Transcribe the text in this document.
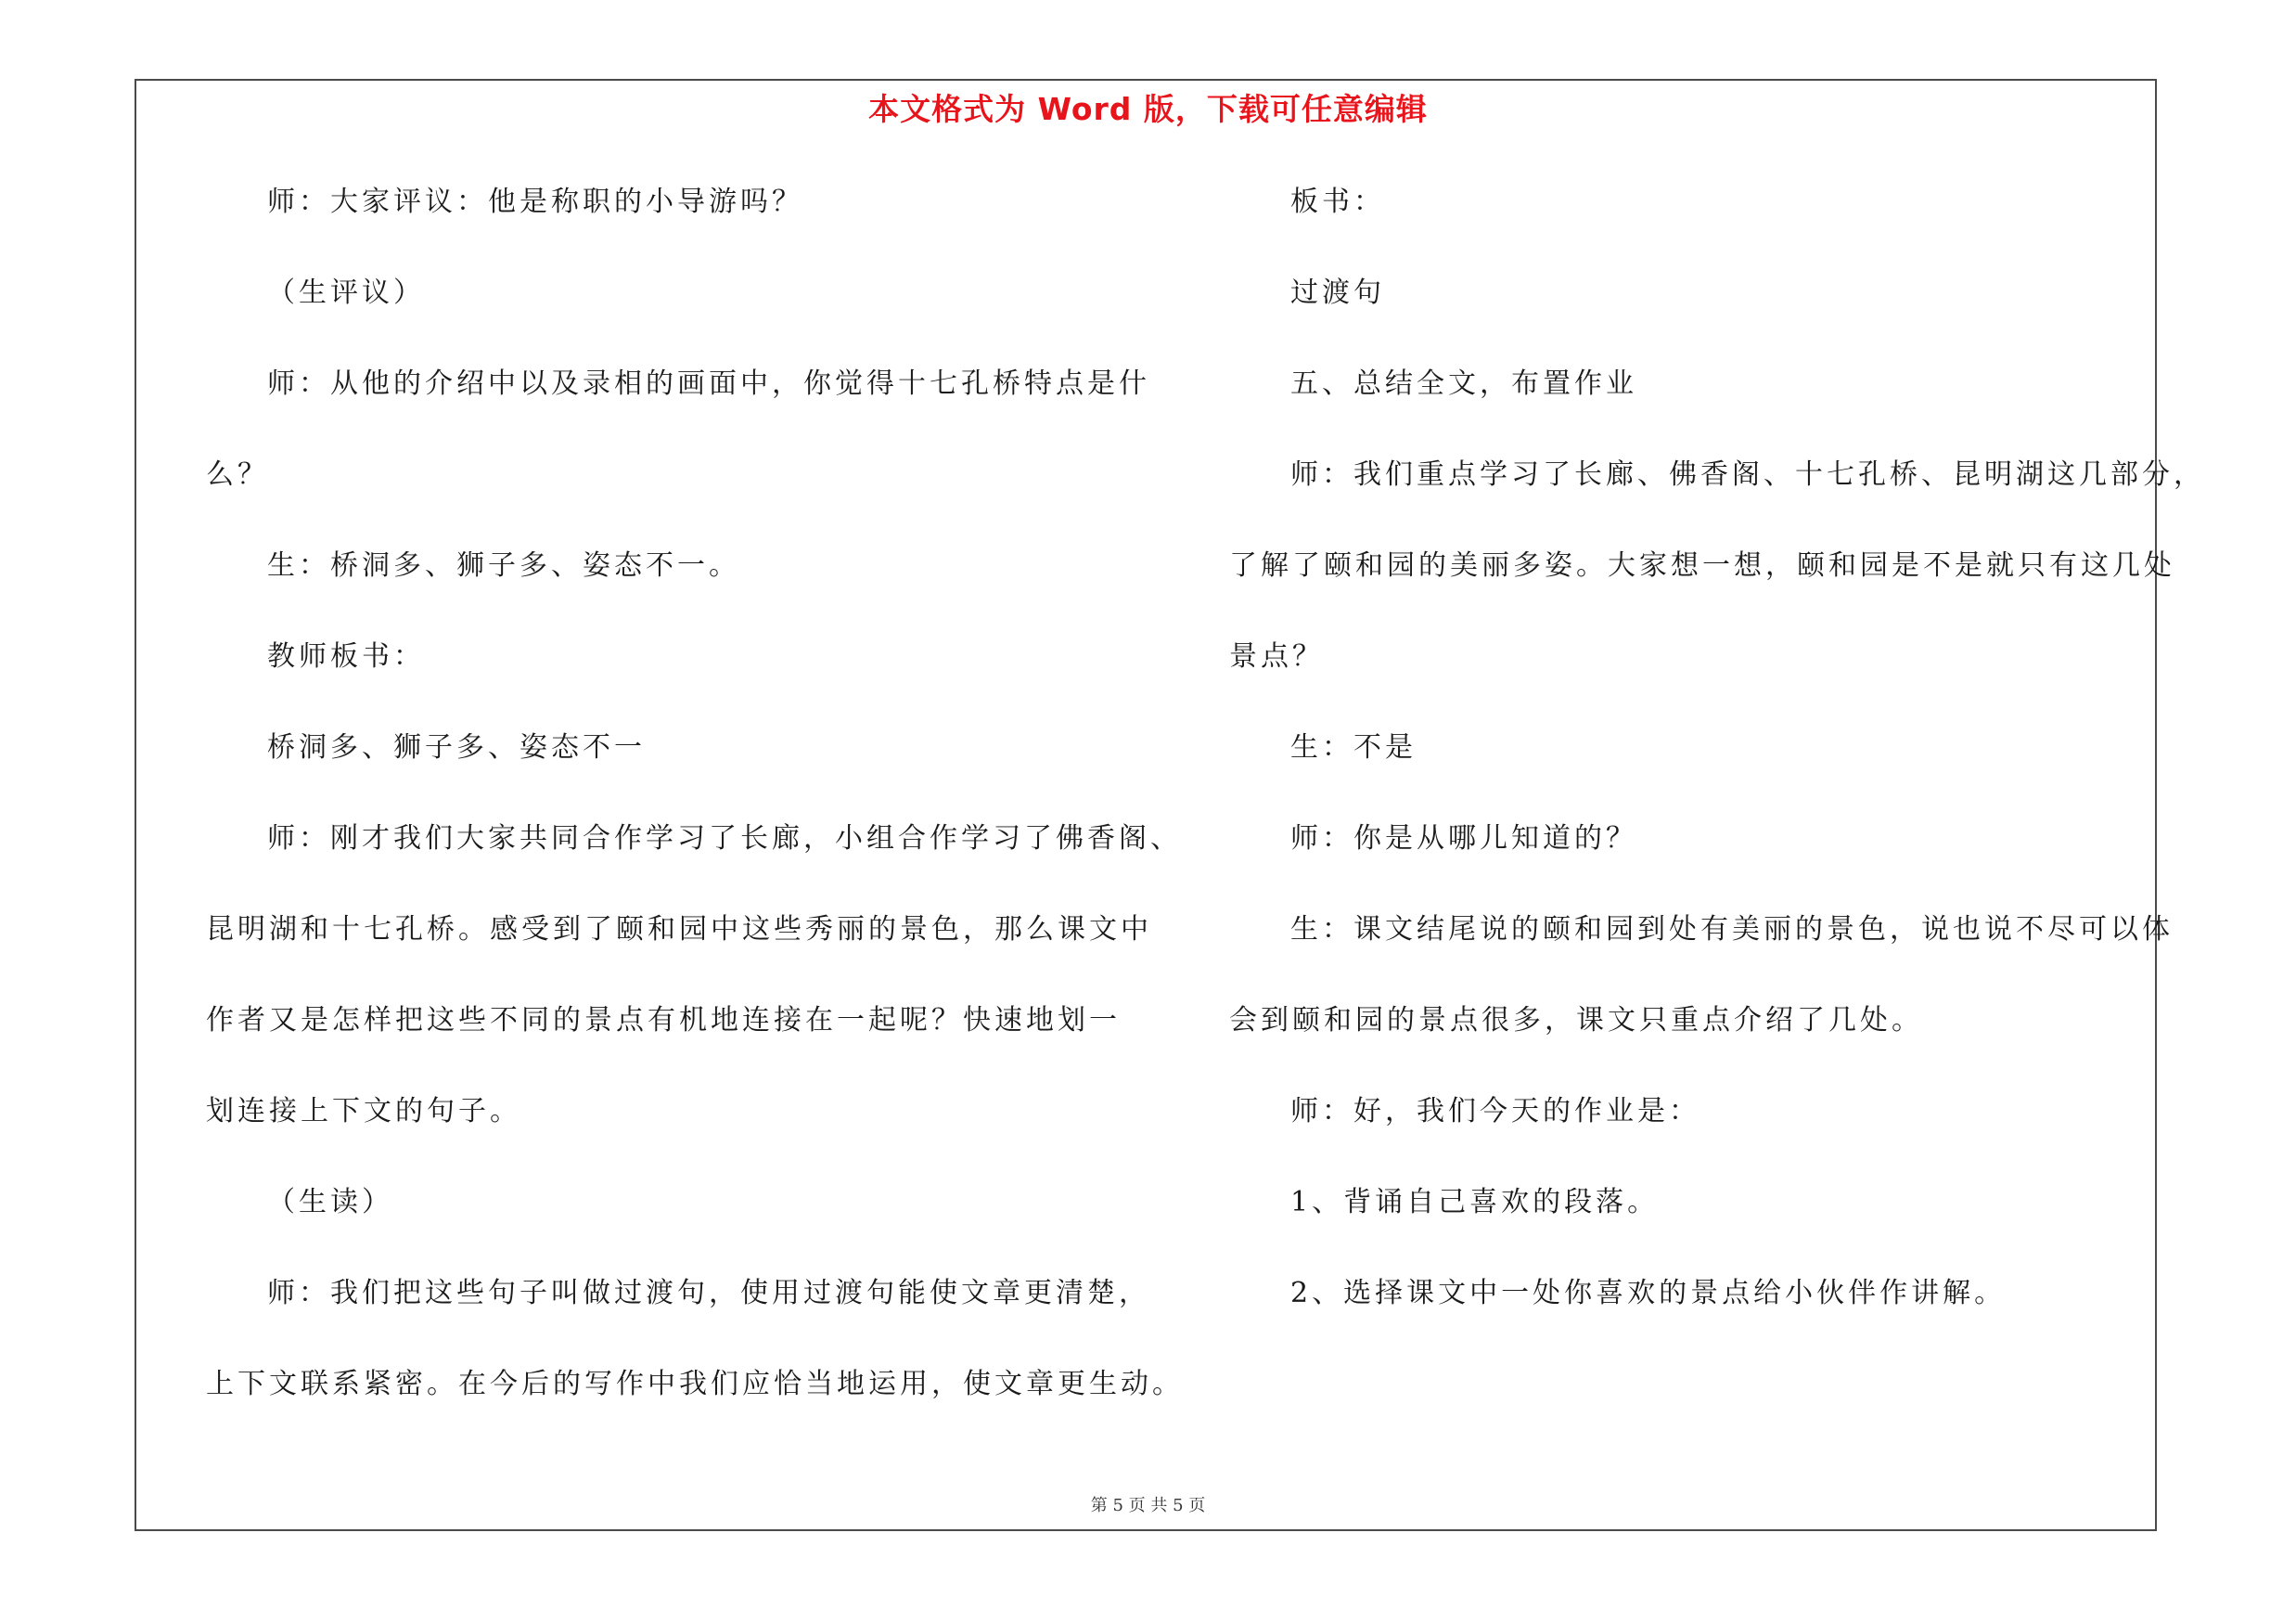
本文格式为 Word 版，下载可任意编辑
师：大家评议：他是称职的小导游吗？
（生评议）
师：从他的介绍中以及录相的画面中，你觉得十七孔桥特点是什
么？
生：桥洞多、狮子多、姿态不一。
教师板书：
桥洞多、狮子多、姿态不一
师：刚才我们大家共同合作学习了长廊，小组合作学习了佛香阁、
昆明湖和十七孔桥。感受到了颐和园中这些秀丽的景色，那么课文中
作者又是怎样把这些不同的景点有机地连接在一起呢？快速地划一
划连接上下文的句子。
（生读）
师：我们把这些句子叫做过渡句，使用过渡句能使文章更清楚，
上下文联系紧密。在今后的写作中我们应恰当地运用，使文章更生动。
板书：
过渡句
五、总结全文，布置作业
师：我们重点学习了长廊、佛香阁、十七孔桥、昆明湖这几部分，
了解了颐和园的美丽多姿。大家想一想，颐和园是不是就只有这几处
景点？
生：不是
师：你是从哪儿知道的？
生：课文结尾说的颐和园到处有美丽的景色，说也说不尽可以体
会到颐和园的景点很多，课文只重点介绍了几处。
师：好，我们今天的作业是：
1、背诵自己喜欢的段落。
2、选择课文中一处你喜欢的景点给小伙伴作讲解。
第 5 页 共 5 页
